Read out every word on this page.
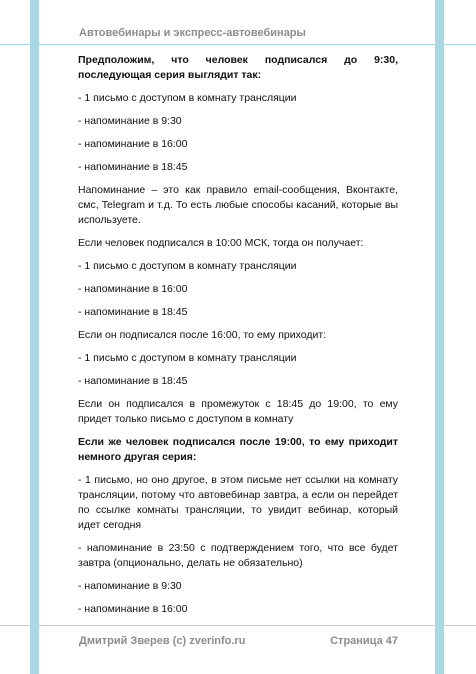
Автовебинары и экспресс-автовебинары

Предположим, что человек подписался до 9:30, последующая серия выглядит так:

- 1 письмо с доступом в комнату трансляции

- напоминание в 9:30

- напоминание в 16:00

- напоминание в 18:45

Напоминание – это как правило email-сообщения, Вконтакте, смс, Telegram и т.д. То есть любые способы касаний, которые вы используете.

Если человек подписался в 10:00 МСК, тогда он получает:

- 1 письмо с доступом в комнату трансляции

- напоминание в 16:00

- напоминание в 18:45

Если он подписался после 16:00, то ему приходит:

- 1 письмо с доступом в комнату трансляции

- напоминание в 18:45

Если он подписался в промежуток с 18:45 до 19:00, то ему придет только письмо с доступом в комнату

Если же человек подписался после 19:00, то ему приходит немного другая серия:

- 1 письмо, но оно другое, в этом письме нет ссылки на комнату трансляции, потому что автовебинар завтра, а если он перейдет по ссылке комнаты трансляции, то увидит вебинар, который идет сегодня

- напоминание в 23:50 с подтверждением того, что все будет завтра (опционально, делать не обязательно)

- напоминание в 9:30

- напоминание в 16:00

Дмитрий Зверев (c) zverinfo.ru	Страница 47
